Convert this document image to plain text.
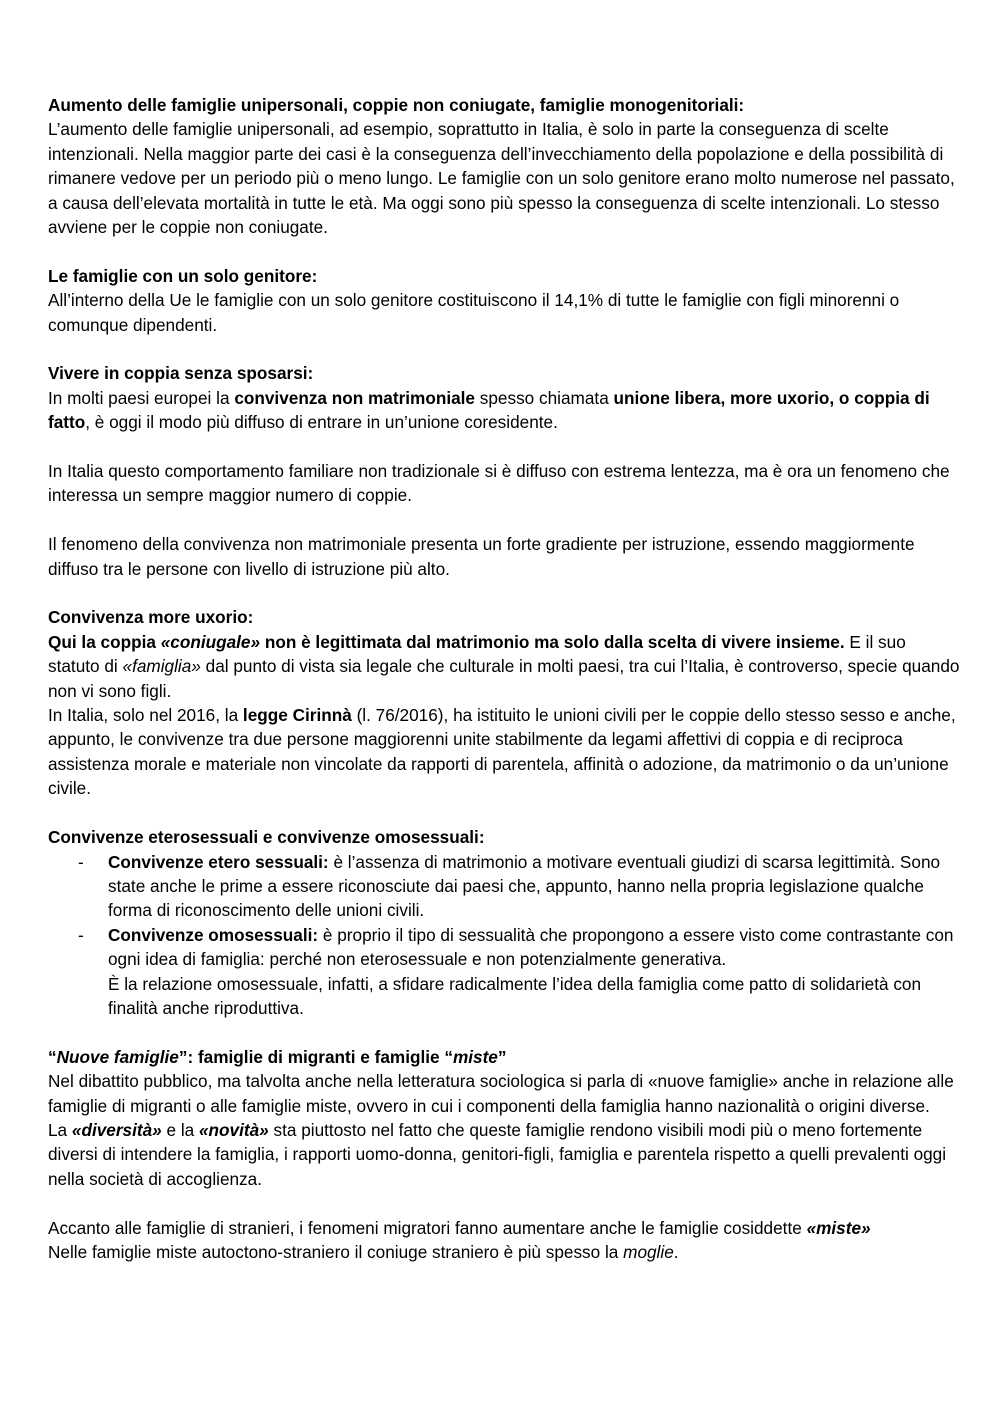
Aumento delle famiglie unipersonali, coppie non coniugate, famiglie monogenitoriali:

L’aumento delle famiglie unipersonali, ad esempio, soprattutto in Italia, è solo in parte la conseguenza di scelte intenzionali. Nella maggior parte dei casi è la conseguenza dell’invecchiamento della popolazione e della possibilità di rimanere vedove per un periodo più o meno lungo. Le famiglie con un solo genitore erano molto numerose nel passato, a causa dell’elevata mortalità in tutte le età. Ma oggi sono più spesso la conseguenza di scelte intenzionali. Lo stesso avviene per le coppie non coniugate.

Le famiglie con un solo genitore:

All’interno della Ue le famiglie con un solo genitore costituiscono il 14,1% di tutte le famiglie con figli minorenni o comunque dipendenti.

Vivere in coppia senza sposarsi:

In molti paesi europei la convivenza non matrimoniale spesso chiamata unione libera, more uxorio, o coppia di fatto, è oggi il modo più diffuso di entrare in un’unione coresidente.

In Italia questo comportamento familiare non tradizionale si è diffuso con estrema lentezza, ma è ora un fenomeno che interessa un sempre maggior numero di coppie.

Il fenomeno della convivenza non matrimoniale presenta un forte gradiente per istruzione, essendo maggiormente diffuso tra le persone con livello di istruzione più alto.

Convivenza more uxorio:

Qui la coppia «coniugale» non è legittimata dal matrimonio ma solo dalla scelta di vivere insieme. E il suo statuto di «famiglia» dal punto di vista sia legale che culturale in molti paesi, tra cui l’Italia, è controverso, specie quando non vi sono figli.

In Italia, solo nel 2016, la legge Cirinnà (l. 76/2016), ha istituito le unioni civili per le coppie dello stesso sesso e anche, appunto, le convivenze tra due persone maggiorenni unite stabilmente da legami affettivi di coppia e di reciproca assistenza morale e materiale non vincolate da rapporti di parentela, affinità o adozione, da matrimonio o da un’unione civile.

Convivenze eterosessuali e convivenze omosessuali:

- Convivenze etero sessuali: è l’assenza di matrimonio a motivare eventuali giudizi di scarsa legittimità. Sono state anche le prime a essere riconosciute dai paesi che, appunto, hanno nella propria legislazione qualche forma di riconoscimento delle unioni civili.
- Convivenze omosessuali: è proprio il tipo di sessualità che propongono a essere visto come contrastante con ogni idea di famiglia: perché non eterosessuale e non potenzialmente generativa.
È la relazione omosessuale, infatti, a sfidare radicalmente l’idea della famiglia come patto di solidarietà con finalità anche riproduttiva.

“Nuove famiglie”: famiglie di migranti e famiglie “miste”

Nel dibattito pubblico, ma talvolta anche nella letteratura sociologica si parla di «nuove famiglie» anche in relazione alle famiglie di migranti o alle famiglie miste, ovvero in cui i componenti della famiglia hanno nazionalità o origini diverse.

La «diversità» e la «novità» sta piuttosto nel fatto che queste famiglie rendono visibili modi più o meno fortemente diversi di intendere la famiglia, i rapporti uomo-donna, genitori-figli, famiglia e parentela rispetto a quelli prevalenti oggi nella società di accoglienza.

Accanto alle famiglie di stranieri, i fenomeni migratori fanno aumentare anche le famiglie cosiddette «miste»

Nelle famiglie miste autoctono-straniero il coniuge straniero è più spesso la moglie.
